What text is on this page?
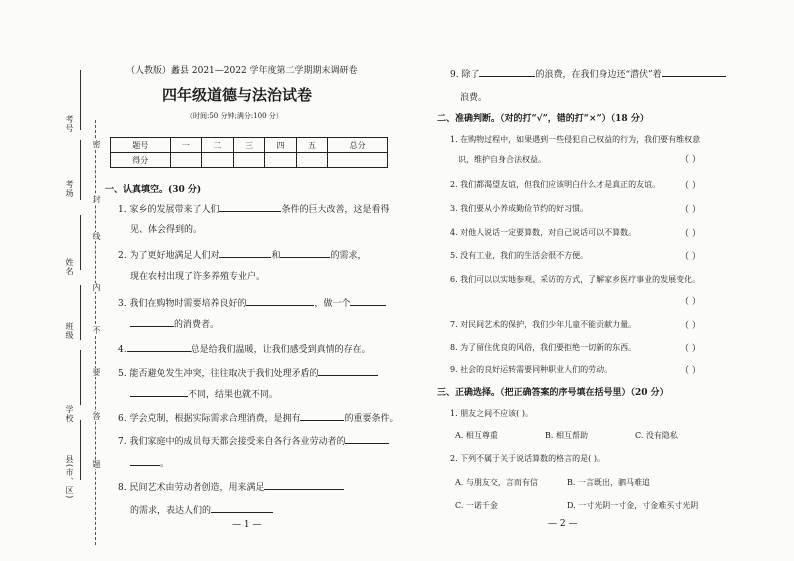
考号
考场
姓名
班级
学校
县(市、区)
密
封
线
内
不
要
答
题
（人教版）蠡县 2021—2022 学年度第二学期期末调研卷
四年级道德与法治试卷
（时间:50 分钟;满分:100 分）
题号	一	二	三	四	五	总分
得分						
一、认真填空。(30 分)
1. 家乡的发展带来了人们	条件的巨大改善，这是看得
见、体会得到的。
2. 为了更好地满足人们对	和	的需求，
现在农村出现了许多养殖专业户。
3. 我们在购物时需要培养良好的	，做一个
的消费者。
4.	总是给我们温暖，让我们感受到真情的存在。
5. 能否避免发生冲突，往往取决于我们处理矛盾的
不同，结果也就不同。
6. 学会克制，根据实际需求合理消费，是拥有	的重要条件。
7. 我们家庭中的成员每天都会接受来自各行各业劳动者的
。
8. 民间艺术由劳动者创造，用来满足
的需求，表达人们的
— 1 —
9. 除了	的浪费，在我们身边还“潜伏”着
浪费。
二、准确判断。（对的打“√”，错的打“×”）（18 分）
1. 在购物过程中，如果遇到一些侵犯自己权益的行为，我们要有维权意
识，维护自身合法权益。	（ ）
2. 我们都渴望友谊，但我们应该明白什么才是真正的友谊。 （ ）
3. 我们要从小养成勤俭节约的好习惯。	（ ）
4. 对他人说话一定要算数，对自己说话可以不算数。	（ ）
5. 没有工业，我们的生活会很不方便。	（ ）
6. 我们可以以实地参观、采访的方式，了解家乡医疗事业的发展变化。
（ ）
7. 对民间艺术的保护，我们少年儿童不能贡献力量。	（ ）
8. 为了留住优良的风俗，我们要拒绝一切新的东西。	（ ）
9. 社会的良好运转需要同种职业人们的劳动。	（ ）
三、正确选择。（把正确答案的序号填在括号里）（20 分）
1. 朋友之间不应该( )。
A. 相互尊重	B. 相互帮助	C. 没有隐私
2. 下列不属于关于说话算数的格言的是( )。
A. 与朋友交，言而有信	B. 一言既出，驷马难追
C. 一诺千金	D. 一寸光阴一寸金，寸金难买寸光阴
— 2 —
